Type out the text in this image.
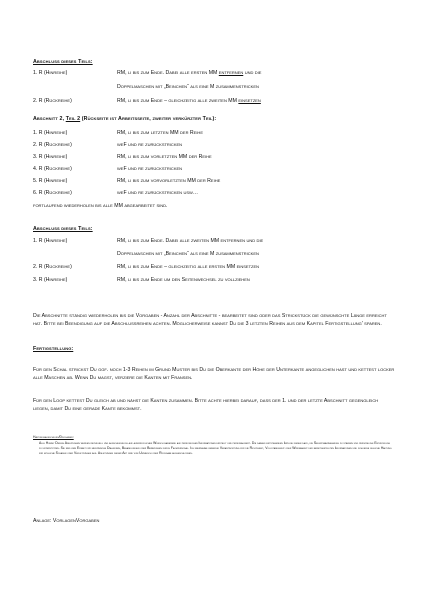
Abschluss dieses Teils:
1. R (Hinreihe)	RM, li bis zum Ende. Dabei alle ersten MM entfernen und die
Doppelmaschen mit „Beinchen“ als eine M zusammenstricken
2. R (Rückreihe)	RM, li bis zum Ende – gleichzeitig alle zweiten MM einsetzen
Abschnitt 2, Teil 2 (Rückseite ist Arbeitsseite, zweiter verkürzter Teil):
1. R (Hinreihe)	RM, li bis zum letzten MM der Reihe
2. R (Rückreihe)	weF und re zurückstricken
3. R (Hinreihe)	RM, li bis zum vorletzten MM der Reihe
4. R (Rückreihe)	weF und re zurückstricken
5. R (Hinreihe)	RM, li bis zum vorvorletzten MM der Reihe
6. R (Rückreihe)	weF und re zurückstricken usw…
fortlaufend wiederholen bis alle MM abgearbeitet sind.
Abschluss dieses Teils:
1. R (Hinreihe)	RM, li bis zum Ende. Dabei alle zweiten MM entfernen und die
Doppelmaschen mit „Beinchen“ als eine M zusammenstricken
2. R (Rückreihe)	RM, li bis zum Ende – gleichzeitig alle ersten MM einsetzen
3. R (Hinreihe)	RM, li bis zum Ende um den Seitenwechsel zu vollziehen
Die Abschnitte ständig wiederholen bis die Vorgaben - Anzahl der Abschnitte - bearbeitet sind oder das Strickstück die gewünschte Länge erreicht hat. Bitte bei Beendigung auf die Abschlussreihen achten. Möglicherweise kannst Du die 3 letzten Reihen aus dem Kapitel Fertigstellung' sparen.
Fertigstellung:
Für den Schal strickst Du ggf. noch 1-3 Reihen im Grund Muster bis Du die Oberkante der Höhe der Unterkante angeglichen hast und kettest locker alle Maschen ab. Wenn Du magst, verziere die Kanten mit Fransen.
Für den Loop kettest Du gleich ab und nähst die Kanten zusammen. Bitte achte hierbei darauf, dass der 1. und der letzte Abschnitt gegengleich liegen, damit Du eine gerade Kante bekommst.
Haftungsausschluss/Disclaimer:
Alle Hummy Design Anleitungen werden individuell und ausschließlich auf ausdrücklichen Wunsch basierend auf persönlichen Informationen erstellt und personalisiert. Die daraus entstehenden Impulse dienen dazu, die Selbstwahrnehmung zu stärken und persönliche Entwicklung zu unterstützen. Sie sind kein Ersatz für medizinische Diagnosen, Behandlungen oder Beratungen durch Fachpersonal. Ich übernehme keinerlei Verantwortung für die Richtigkeit, Vollständigkeit oder Wirksamkeit der bereitgestellten Informationen und schließe jegliche Haftung für mögliche Schäden oder Verletzungen aus. Anleitungen dieser Art sind vom Umtausch oder Rückgabe ausgeschlossen.
Anlage: VorlagenVorgaben
